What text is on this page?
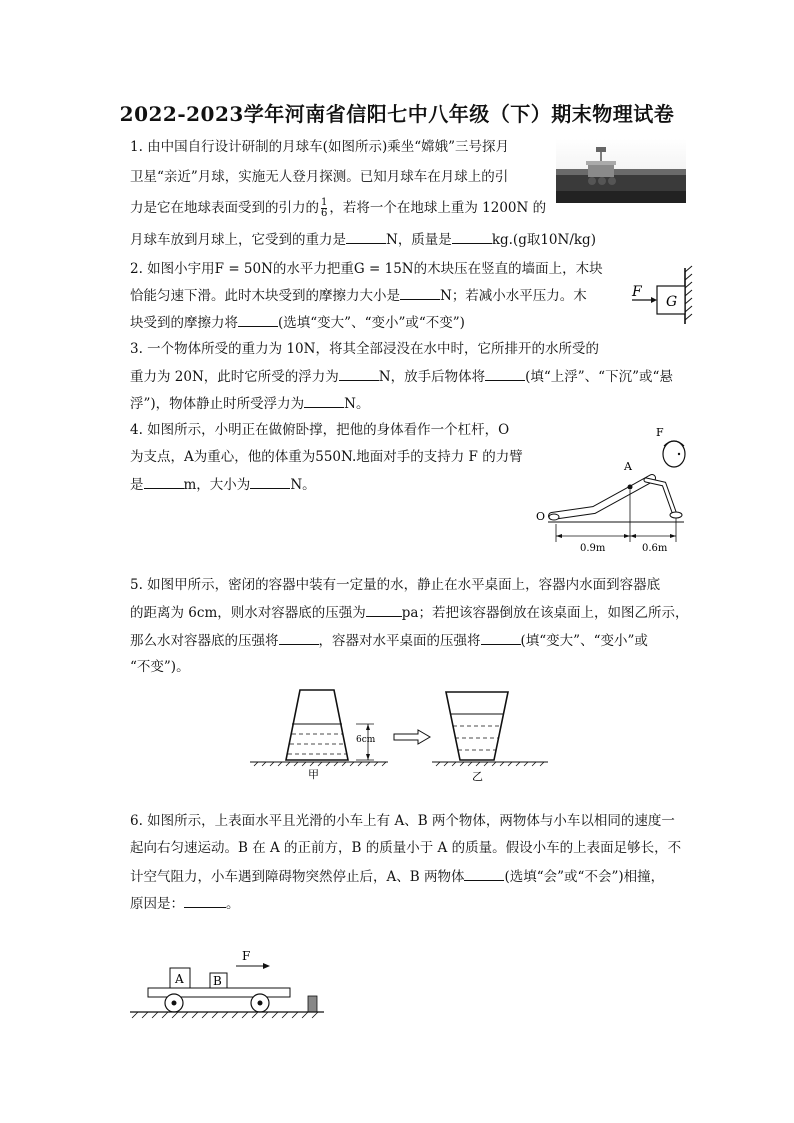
2022-2023学年河南省信阳七中八年级（下）期末物理试卷
1. 由中国自行设计研制的月球车(如图所示)乘坐“嫦娥”三号探月
卫星“亲近”月球，实施无人登月探测。已知月球车在月球上的引
力是它在地球表面受到的引力的 $\frac{1}{6}$ ，若将一个在地球上重为 1200N 的
月球车放到月球上，它受到的重力是	N，质量是	kg.(g取10N/kg)
2. 如图小宇用F = 50N的水平力把重G = 15N的木块压在竖直的墙面上，木块
恰能匀速下滑。此时木块受到的摩擦力大小是	N；若减小水平压力。木
块受到的摩擦力将	(选填“变大”、“变小”或“不变”)
F
G
3. 一个物体所受的重力为 10N，将其全部浸没在水中时，它所排开的水所受的
重力为 20N，此时它所受的浮力为	N，放手后物体将	(填“上浮”、“下沉”或“悬
浮”)，物体静止时所受浮力为	N。
4. 如图所示，小明正在做俯卧撑，把他的身体看作一个杠杆，O
为支点，A为重心，他的体重为550N.地面对手的支持力 F 的力臂
是	m，大小为	N。
A
F
O
0.9m	0.6m
5. 如图甲所示，密闭的容器中装有一定量的水，静止在水平桌面上，容器内水面到容器底
的距离为 6cm，则水对容器底的压强为	pa；若把该容器倒放在该桌面上，如图乙所示，
那么水对容器底的压强将	，容器对水平桌面的压强将	(填“变大”、“变小”或
“不变”)。
6cm
甲	乙
6. 如图所示，上表面水平且光滑的小车上有 A、B 两个物体，两物体与小车以相同的速度一
起向右匀速运动。B 在 A 的正前方，B 的质量小于 A 的质量。假设小车的上表面足够长，不
计空气阻力，小车遇到障碍物突然停止后，A、B 两物体	(选填“会”或“不会”)相撞，
原因是：	。
F
A B
